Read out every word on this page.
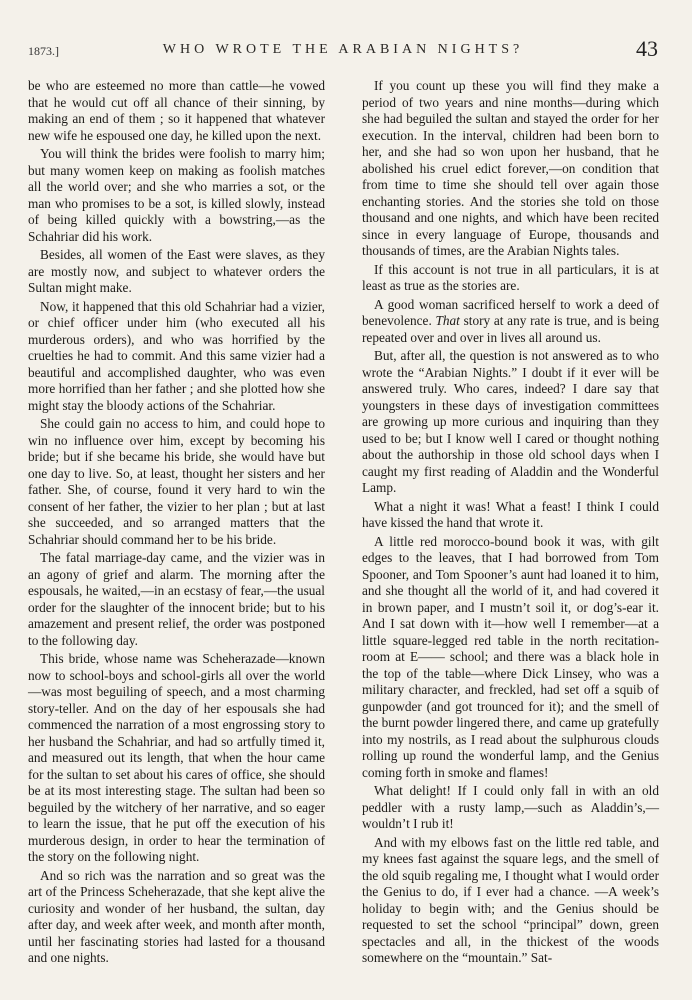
1873.]	WHO WROTE THE ARABIAN NIGHTS?	43

be who are esteemed no more than cattle—he vowed that he would cut off all chance of their sinning, by making an end of them ; so it happened that whatever new wife he espoused one day, he killed upon the next.

You will think the brides were foolish to marry him; but many women keep on making as foolish matches all the world over; and she who marries a sot, or the man who promises to be a sot, is killed slowly, instead of being killed quickly with a bowstring,—as the Schahriar did his work.

Besides, all women of the East were slaves, as they are mostly now, and subject to whatever orders the Sultan might make.

Now, it happened that this old Schahriar had a vizier, or chief officer under him (who executed all his murderous orders), and who was horrified by the cruelties he had to commit. And this same vizier had a beautiful and accomplished daughter, who was even more horrified than her father ; and she plotted how she might stay the bloody actions of the Schahriar.

She could gain no access to him, and could hope to win no influence over him, except by becoming his bride; but if she became his bride, she would have but one day to live. So, at least, thought her sisters and her father. She, of course, found it very hard to win the consent of her father, the vizier to her plan ; but at last she succeeded, and so arranged matters that the Schahriar should command her to be his bride.

The fatal marriage-day came, and the vizier was in an agony of grief and alarm. The morning after the espousals, he waited,—in an ecstasy of fear,—the usual order for the slaughter of the innocent bride; but to his amazement and present relief, the order was postponed to the following day.

This bride, whose name was Scheherazade—known now to school-boys and school-girls all over the world—was most beguiling of speech, and a most charming story-teller. And on the day of her espousals she had commenced the narration of a most engrossing story to her husband the Schahriar, and had so artfully timed it, and measured out its length, that when the hour came for the sultan to set about his cares of office, she should be at its most interesting stage. The sultan had been so beguiled by the witchery of her narrative, and so eager to learn the issue, that he put off the execution of his murderous design, in order to hear the termination of the story on the following night.

And so rich was the narration and so great was the art of the Princess Scheherazade, that she kept alive the curiosity and wonder of her husband, the sultan, day after day, and week after week, and month after month, until her fascinating stories had lasted for a thousand and one nights.

If you count up these you will find they make a period of two years and nine months—during which she had beguiled the sultan and stayed the order for her execution. In the interval, children had been born to her, and she had so won upon her husband, that he abolished his cruel edict forever,—on condition that from time to time she should tell over again those enchanting stories. And the stories she told on those thousand and one nights, and which have been recited since in every language of Europe, thousands and thousands of times, are the Arabian Nights tales.

If this account is not true in all particulars, it is at least as true as the stories are.

A good woman sacrificed herself to work a deed of benevolence. That story at any rate is true, and is being repeated over and over in lives all around us.

But, after all, the question is not answered as to who wrote the “Arabian Nights.” I doubt if it ever will be answered truly. Who cares, indeed? I dare say that youngsters in these days of investigation committees are growing up more curious and inquiring than they used to be; but I know well I cared or thought nothing about the authorship in those old school days when I caught my first reading of Aladdin and the Wonderful Lamp.

What a night it was! What a feast! I think I could have kissed the hand that wrote it.

A little red morocco-bound book it was, with gilt edges to the leaves, that I had borrowed from Tom Spooner, and Tom Spooner’s aunt had loaned it to him, and she thought all the world of it, and had covered it in brown paper, and I mustn’t soil it, or dog’s-ear it. And I sat down with it—how well I remember—at a little square-legged red table in the north recitation-room at E—— school; and there was a black hole in the top of the table—where Dick Linsey, who was a military character, and freckled, had set off a squib of gunpowder (and got trounced for it); and the smell of the burnt powder lingered there, and came up gratefully into my nostrils, as I read about the sulphurous clouds rolling up round the wonderful lamp, and the Genius coming forth in smoke and flames!

What delight! If I could only fall in with an old peddler with a rusty lamp,—such as Aladdin’s,—wouldn’t I rub it!

And with my elbows fast on the little red table, and my knees fast against the square legs, and the smell of the old squib regaling me, I thought what I would order the Genius to do, if I ever had a chance. —A week’s holiday to begin with; and the Genius should be requested to set the school “principal” down, green spectacles and all, in the thickest of the woods somewhere on the “mountain.” Sat-
